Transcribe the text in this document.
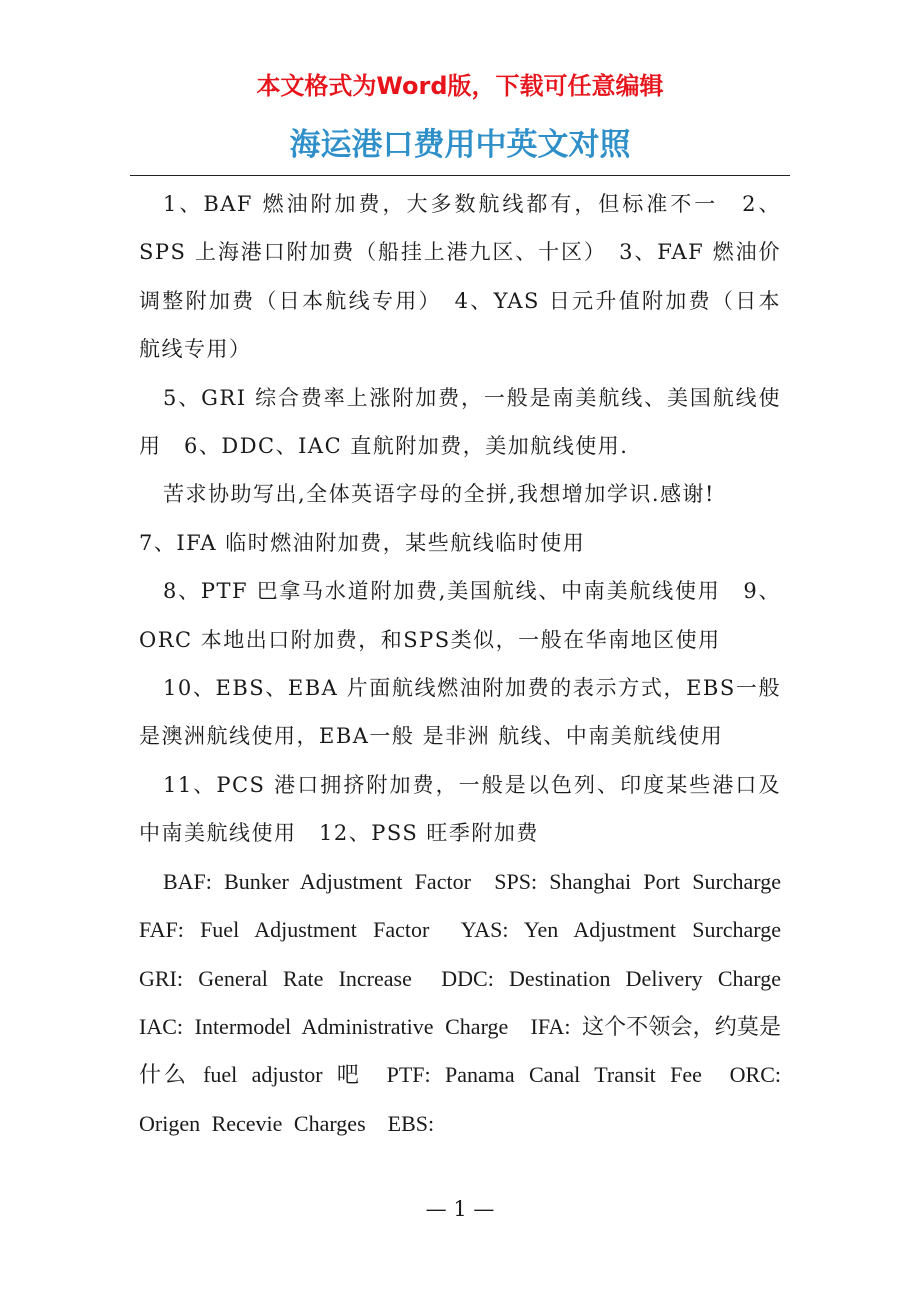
本文格式为Word版，下载可任意编辑
海运港口费用中英文对照

1、BAF 燃油附加费，大多数航线都有，但标准不一　2、SPS 上海港口附加费（船挂上港九区、十区）　3、FAF 燃油价调整附加费（日本航线专用）　4、YAS 日元升值附加费（日本航线专用）

5、GRI 综合费率上涨附加费，一般是南美航线、美国航线使用　6、DDC、IAC 直航附加费，美加航线使用.

苦求协助写出,全体英语字母的全拼,我想增加学识.感谢!

7、IFA 临时燃油附加费，某些航线临时使用

8、PTF 巴拿马水道附加费,美国航线、中南美航线使用　9、ORC 本地出口附加费，和SPS类似，一般在华南地区使用

10、EBS、EBA 片面航线燃油附加费的表示方式，EBS一般是澳洲航线使用，EBA一般 是非洲 航线、中南美航线使用

11、PCS 港口拥挤附加费，一般是以色列、印度某些港口及中南美航线使用　12、PSS 旺季附加费

BAF: Bunker Adjustment Factor　SPS: Shanghai Port Surcharge　FAF: Fuel Adjustment Factor　YAS: Yen Adjustment Surcharge　GRI: General Rate Increase　DDC: Destination Delivery Charge　IAC: Intermodel Administrative Charge　IFA: 这个不领会，约莫是什么 fuel adjustor 吧　PTF: Panama Canal Transit Fee　ORC: Origen Recevie Charges　EBS:

— 1 —
